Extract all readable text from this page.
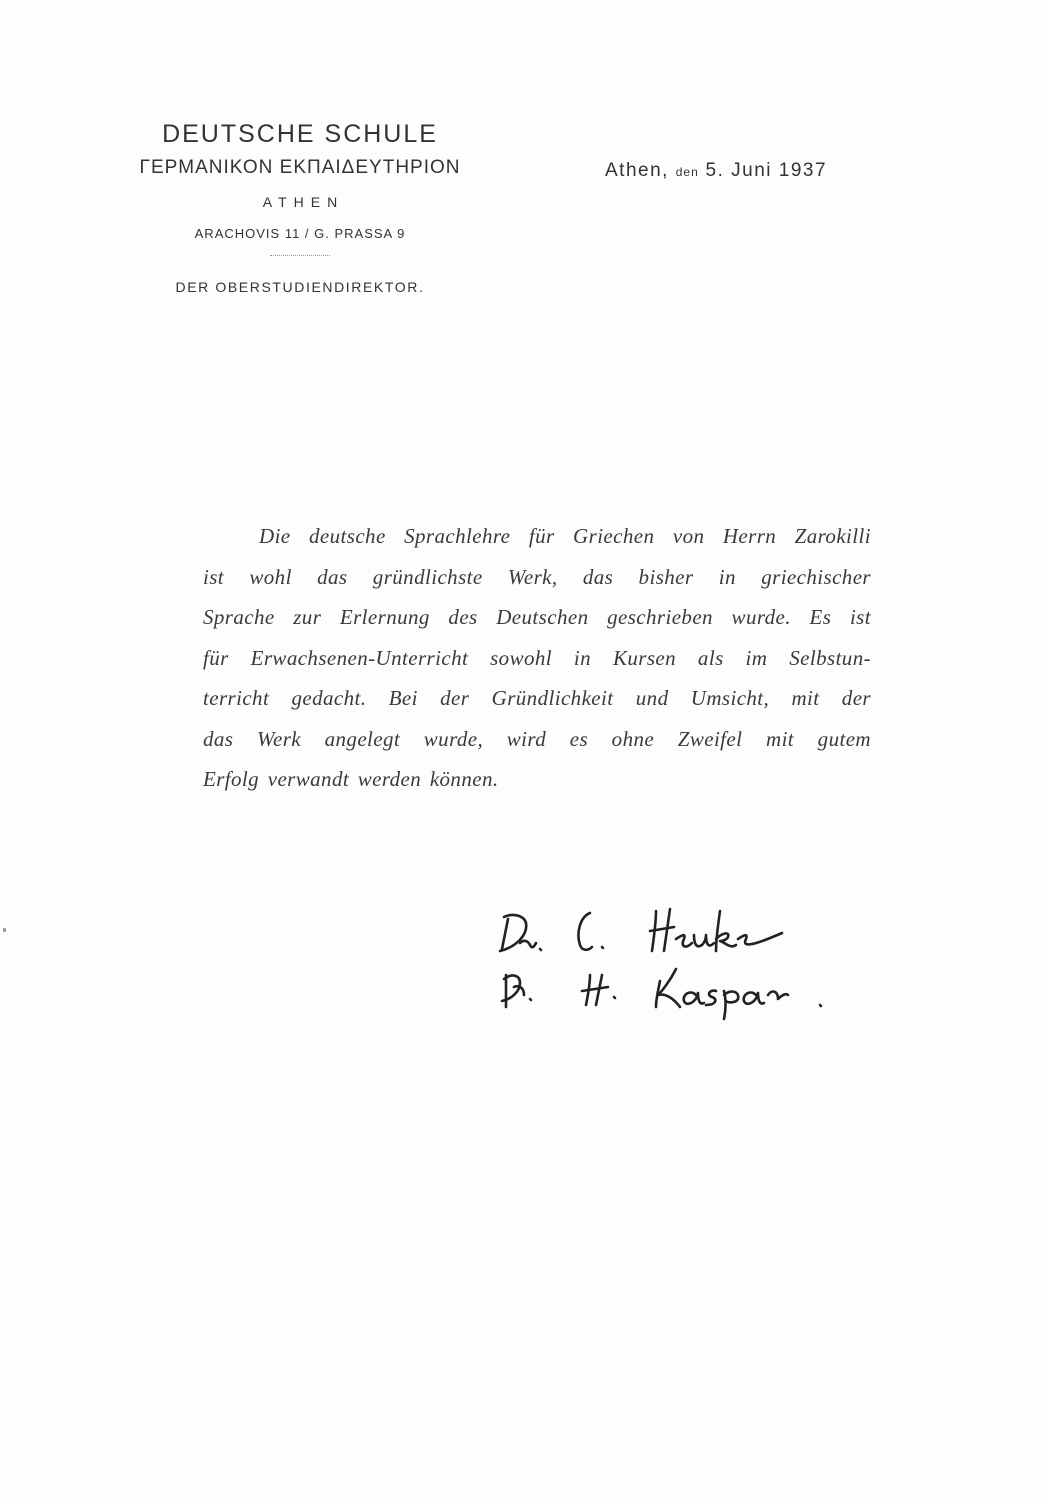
DEUTSCHE SCHULE
ΓΕΡΜΑΝΙΚΟΝ ΕΚΠΑΙΔΕΥΤΗΡΙΟΝ
ATHEN
ARACHOVIS 11 / G. PRASSA 9
DER OBERSTUDIENDIREKTOR.
Athen, den 5. Juni 1937
Die deutsche Sprachlehre für Griechen von Herrn Zarokilli
ist wohl das gründlichste Werk, das bisher in griechischer
Sprache zur Erlernung des Deutschen geschrieben wurde. Es ist
für Erwachsenen-Unterricht sowohl in Kursen als im Selbstun-
terricht gedacht. Bei der Gründlichkeit und Umsicht, mit der
das Werk angelegt wurde, wird es ohne Zweifel mit gutem
Erfolg verwandt werden können.
